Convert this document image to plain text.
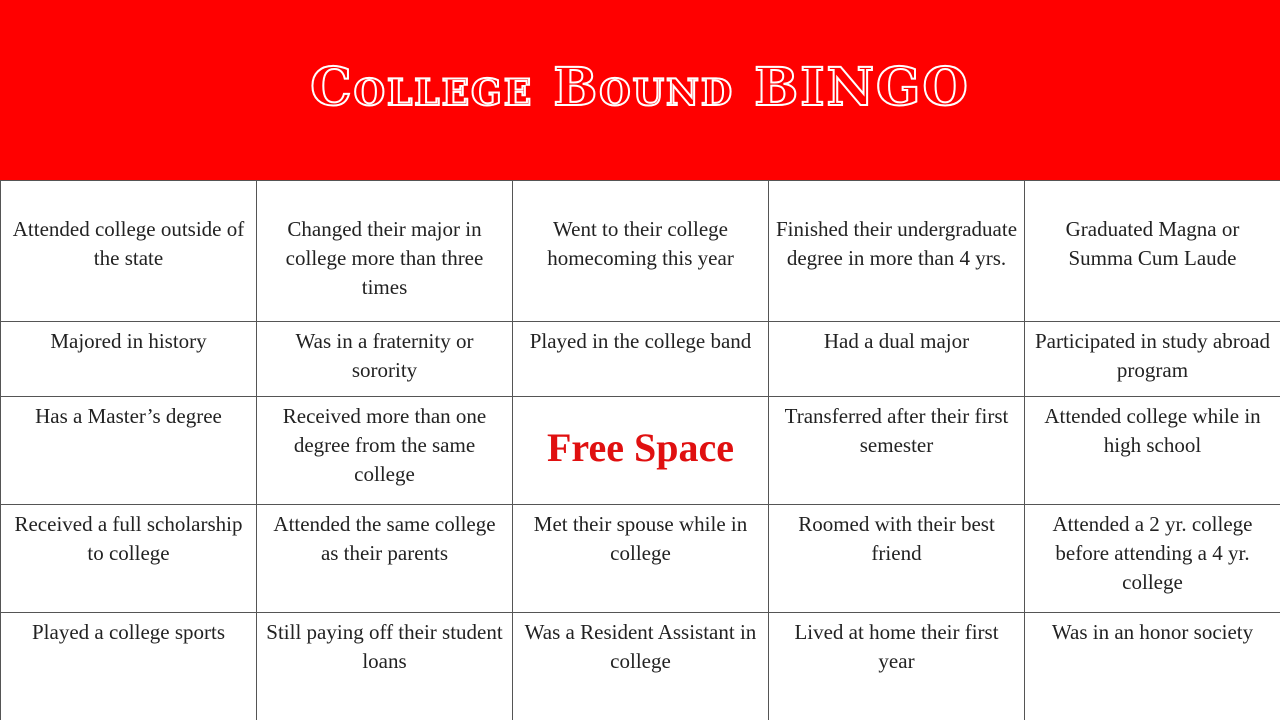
College Bound BINGO
Attended college outside of the state	Changed their major in college more than three times	Went to their college homecoming this year	Finished their undergraduate degree in more than 4 yrs.	Graduated Magna or Summa Cum Laude

Majored in history	Was in a fraternity or sorority	Played in the college band	Had a dual major	Participated in study abroad program

Has a Master’s degree	Received more than one degree from the same college	Free Space	Transferred after their first semester	Attended college while in high school

Received a full scholarship to college	Attended the same college as their parents	Met their spouse while in college	Roomed with their best friend	Attended a 2 yr. college before attending a 4 yr. college

Played a college sports	Still paying off their student loans	Was a Resident Assistant in college	Lived at home their first year	Was in an honor society
